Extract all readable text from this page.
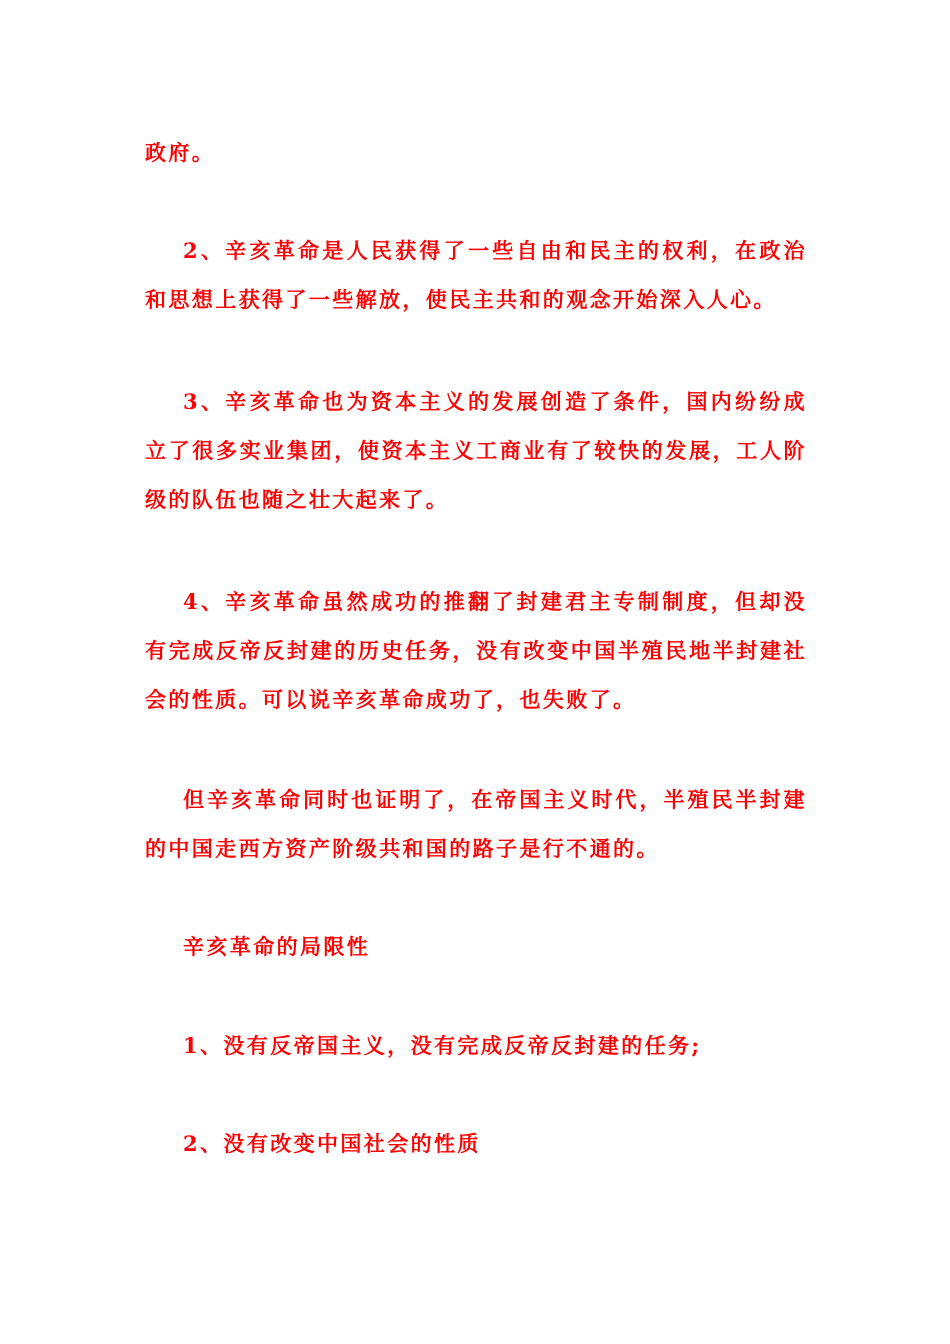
政府。

2、辛亥革命是人民获得了一些自由和民主的权利，在政治和思想上获得了一些解放，使民主共和的观念开始深入人心。

3、辛亥革命也为资本主义的发展创造了条件，国内纷纷成立了很多实业集团，使资本主义工商业有了较快的发展，工人阶级的队伍也随之壮大起来了。

4、辛亥革命虽然成功的推翻了封建君主专制制度，但却没有完成反帝反封建的历史任务，没有改变中国半殖民地半封建社会的性质。可以说辛亥革命成功了，也失败了。

但辛亥革命同时也证明了，在帝国主义时代，半殖民半封建的中国走西方资产阶级共和国的路子是行不通的。

辛亥革命的局限性

1、没有反帝国主义，没有完成反帝反封建的任务;

2、没有改变中国社会的性质
